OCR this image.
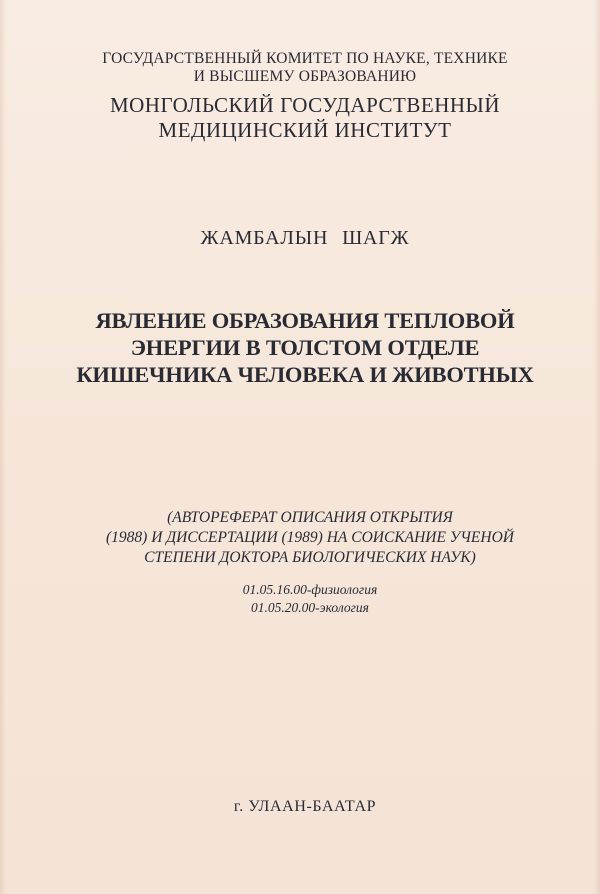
ГОСУДАРСТВЕННЫЙ КОМИТЕТ ПО НАУКЕ, ТЕХНИКЕ
И ВЫСШЕМУ ОБРАЗОВАНИЮ
МОНГОЛЬСКИЙ ГОСУДАРСТВЕННЫЙ
МЕДИЦИНСКИЙ ИНСТИТУТ
ЖАМБАЛЫН ШАГЖ
ЯВЛЕНИЕ ОБРАЗОВАНИЯ ТЕПЛОВОЙ
ЭНЕРГИИ В ТОЛСТОМ ОТДЕЛЕ
КИШЕЧНИКА ЧЕЛОВЕКА И ЖИВОТНЫХ
(АВТОРЕФЕРАТ ОПИСАНИЯ ОТКРЫТИЯ
(1988) И ДИССЕРТАЦИИ (1989) НА СОИСКАНИЕ УЧЕНОЙ
СТЕПЕНИ ДОКТОРА БИОЛОГИЧЕСКИХ НАУК)
01.05.16.00-физиология
01.05.20.00-экология
г. УЛААН-БААТАР
